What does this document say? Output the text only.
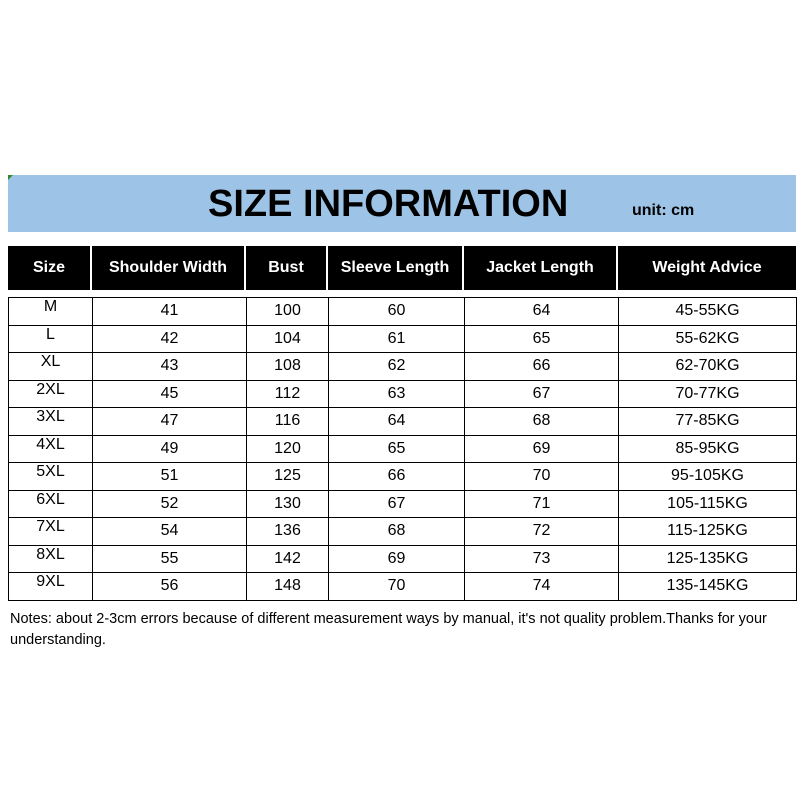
SIZE INFORMATION	unit: cm
Size	Shoulder Width	Bust	Sleeve Length	Jacket Length	Weight Advice
M	41	100	60	64	45-55KG
L	42	104	61	65	55-62KG
XL	43	108	62	66	62-70KG
2XL	45	112	63	67	70-77KG
3XL	47	116	64	68	77-85KG
4XL	49	120	65	69	85-95KG
5XL	51	125	66	70	95-105KG
6XL	52	130	67	71	105-115KG
7XL	54	136	68	72	115-125KG
8XL	55	142	69	73	125-135KG
9XL	56	148	70	74	135-145KG
Notes: about 2-3cm errors because of different measurement ways by manual, it's not quality problem.Thanks for your understanding.
